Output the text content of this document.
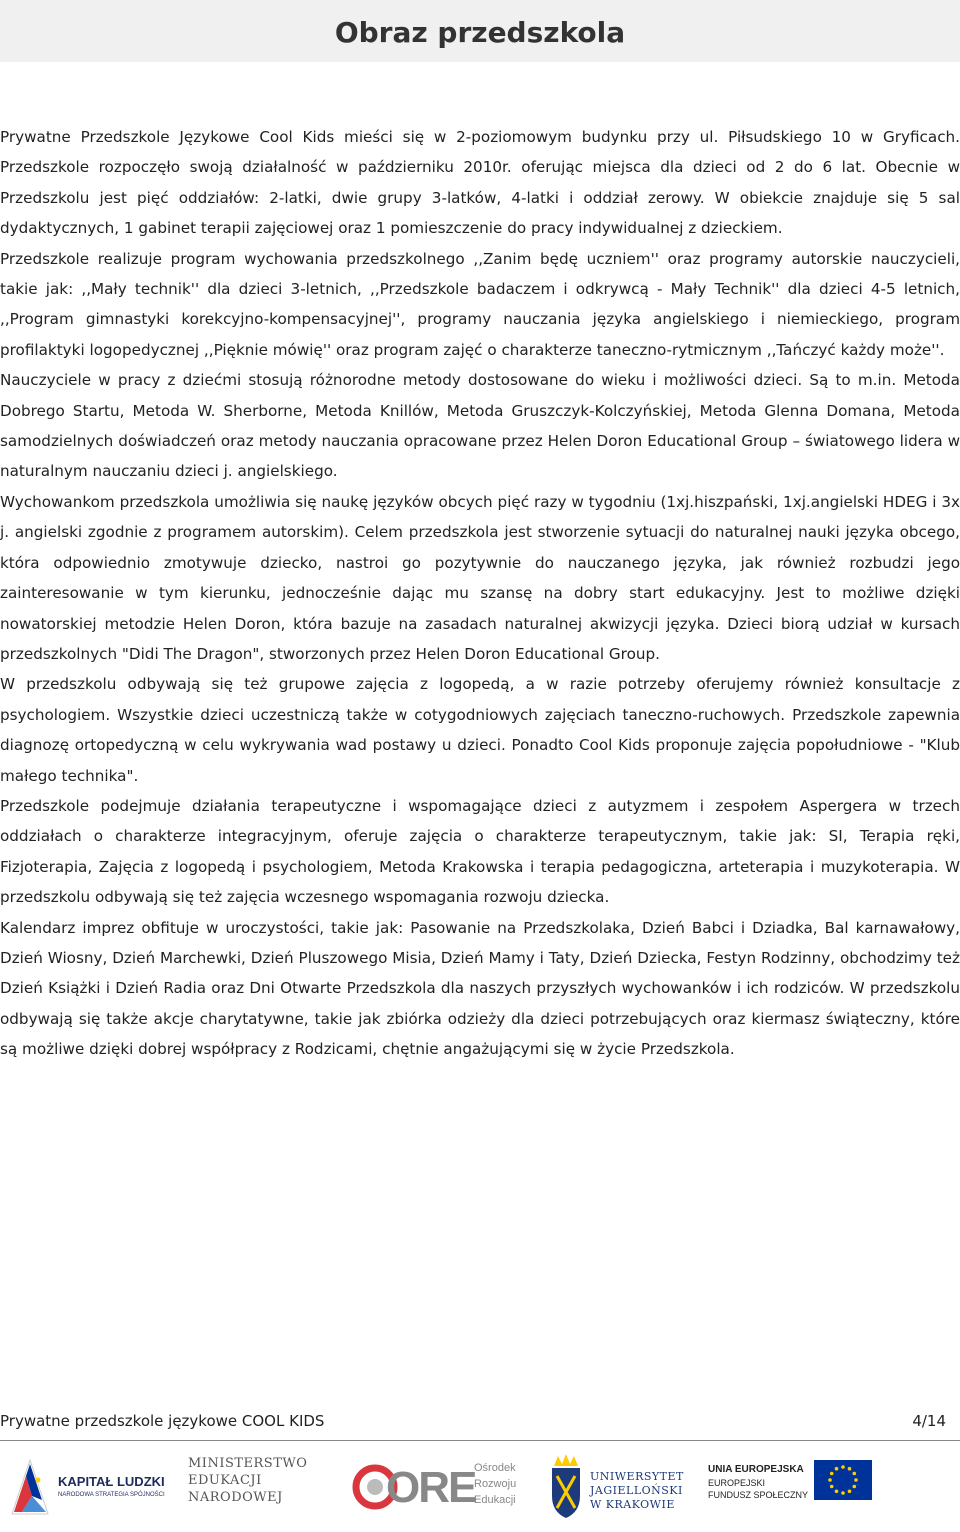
Obraz przedszkola

Prywatne Przedszkole Językowe Cool Kids mieści się w 2-poziomowym budynku przy ul. Piłsudskiego 10 w Gryficach. Przedszkole rozpoczęło swoją działalność w październiku 2010r. oferując miejsca dla dzieci od 2 do 6 lat. Obecnie w Przedszkolu jest pięć oddziałów: 2-latki, dwie grupy 3-latków, 4-latki i oddział zerowy. W obiekcie znajduje się 5 sal dydaktycznych, 1 gabinet terapii zajęciowej oraz 1 pomieszczenie do pracy indywidualnej z dzieckiem.

Przedszkole realizuje program wychowania przedszkolnego ,,Zanim będę uczniem'' oraz programy autorskie nauczycieli, takie jak: ,,Mały technik'' dla dzieci 3-letnich, ,,Przedszkole badaczem i odkrywcą - Mały Technik'' dla dzieci 4-5 letnich, ,,Program gimnastyki korekcyjno-kompensacyjnej'', programy nauczania języka angielskiego i niemieckiego, program profilaktyki logopedycznej ,,Pięknie mówię'' oraz program zajęć o charakterze taneczno-rytmicznym ,,Tańczyć każdy może''.

Nauczyciele w pracy z dziećmi stosują różnorodne metody dostosowane do wieku i możliwości dzieci. Są to m.in. Metoda Dobrego Startu, Metoda W. Sherborne, Metoda Knillów, Metoda Gruszczyk-Kolczyńskiej, Metoda Glenna Domana, Metoda samodzielnych doświadczeń oraz metody nauczania opracowane przez Helen Doron Educational Group – światowego lidera w naturalnym nauczaniu dzieci j. angielskiego.

Wychowankom przedszkola umożliwia się naukę języków obcych pięć razy w tygodniu (1xj.hiszpański, 1xj.angielski HDEG i 3x j. angielski zgodnie z programem autorskim). Celem przedszkola jest stworzenie sytuacji do naturalnej nauki języka obcego, która odpowiednio zmotywuje dziecko, nastroi go pozytywnie do nauczanego języka, jak również rozbudzi jego zainteresowanie w tym kierunku, jednocześnie dając mu szansę na dobry start edukacyjny. Jest to możliwe dzięki nowatorskiej metodzie Helen Doron, która bazuje na zasadach naturalnej akwizycji języka. Dzieci biorą udział w kursach przedszkolnych "Didi The Dragon", stworzonych przez Helen Doron Educational Group.

W przedszkolu odbywają się też grupowe zajęcia z logopedą, a w razie potrzeby oferujemy również konsultacje z psychologiem. Wszystkie dzieci uczestniczą także w cotygodniowych zajęciach taneczno-ruchowych. Przedszkole zapewnia diagnozę ortopedyczną w celu wykrywania wad postawy u dzieci. Ponadto Cool Kids proponuje zajęcia popołudniowe - "Klub małego technika".

Przedszkole podejmuje działania terapeutyczne i wspomagające dzieci z autyzmem i zespołem Aspergera w trzech oddziałach o charakterze integracyjnym, oferuje zajęcia o charakterze terapeutycznym, takie jak: SI, Terapia ręki, Fizjoterapia, Zajęcia z logopedą i psychologiem, Metoda Krakowska i terapia pedagogiczna, arteterapia i muzykoterapia. W przedszkolu odbywają się też zajęcia wczesnego wspomagania rozwoju dziecka.

Kalendarz imprez obfituje w uroczystości, takie jak: Pasowanie na Przedszkolaka, Dzień Babci i Dziadka, Bal karnawałowy, Dzień Wiosny, Dzień Marchewki, Dzień Pluszowego Misia, Dzień Mamy i Taty, Dzień Dziecka, Festyn Rodzinny, obchodzimy też Dzień Książki i Dzień Radia oraz Dni Otwarte Przedszkola dla naszych przyszłych wychowanków i ich rodziców. W przedszkolu odbywają się także akcje charytatywne, takie jak zbiórka odzieży dla dzieci potrzebujących oraz kiermasz świąteczny, które są możliwe dzięki dobrej współpracy z Rodzicami, chętnie angażującymi się w życie Przedszkola.

Prywatne przedszkole językowe COOL KIDS	4/14
KAPITAŁ LUDZKI
NARODOWA STRATEGIA SPÓJNOŚCI
MINISTERSTWO
EDUKACJI
NARODOWEJ ORE
Ośrodek
Rozwoju
Edukacji
UNIWERSYTET
JAGIELLOŃSKI
W KRAKOWIE
UNIA EUROPEJSKA
EUROPEJSKI
FUNDUSZ SPOŁECZNY
